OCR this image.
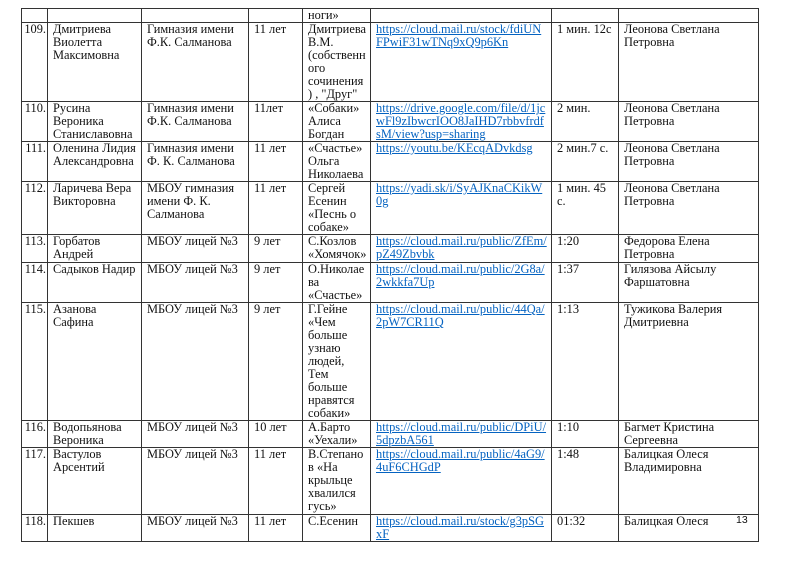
				ноги»			
109.	Дмитриева Виолетта Максимовна	Гимназия имени Ф.К. Салманова	11 лет	Дмитриева В.М. (собственн ого сочинения) , "Друг"	https://cloud.mail.ru/stock/fdiUNFPwiF31wTNq9xQ9p6Kn	1 мин. 12с	Леонова Светлана Петровна
110.	Русина Вероника Станиславовна	Гимназия имени Ф.К. Салманова	11лет	«Собаки» Алиса Богдан	https://drive.google.com/file/d/1jcwFl9zIbwcrIOO8JaIHD7rbbvfrdfsM/view?usp=sharing	2 мин.	Леонова Светлана Петровна
111.	Оленина Лидия Александровна	Гимназия имени Ф. К. Салманова	11 лет	«Счастье» Ольга Николаева	https://youtu.be/KEcqADvkdsg	2 мин.7 с.	Леонова Светлана Петровна
112.	Ларичева Вера Викторовна	МБОУ гимназия имени Ф. К. Салманова	11 лет	Сергей Есенин «Песнь о собаке»	https://yadi.sk/i/SyAJKnaCKikW0g	1 мин. 45 с.	Леонова Светлана Петровна
113.	Горбатов Андрей	МБОУ лицей №3	9 лет	С.Козлов «Хомячок»	https://cloud.mail.ru/public/ZfEm/pZ49Zbvbk	1:20	Федорова Елена Петровна
114.	Садыков Надир	МБОУ лицей №3	9 лет	О.Николае ва «Счастье»	https://cloud.mail.ru/public/2G8a/2wkkfa7Up	1:37	Гилязова Айсылу Фаршатовна
115.	Азанова Сафина	МБОУ лицей №3	9 лет	Г.Гейне «Чем больше узнаю людей, Тем больше нравятся собаки»	https://cloud.mail.ru/public/44Qa/2pW7CR11Q	1:13	Тужикова Валерия Дмитриевна
116.	Водопьянова Вероника	МБОУ лицей №3	10 лет	А.Барто «Уехали»	https://cloud.mail.ru/public/DPiU/5dpzbA561	1:10	Багмет Кристина Сергеевна
117.	Вастулов Арсентий	МБОУ лицей №3	11 лет	В.Степанов «На крыльце хвалился гусь»	https://cloud.mail.ru/public/4aG9/4uF6CHGdP	1:48	Балицкая Олеся Владимировна
118.	Пекшев	МБОУ лицей №3	11 лет	С.Есенин	https://cloud.mail.ru/stock/g3pSGxF	01:32	Балицкая Олеся	13
